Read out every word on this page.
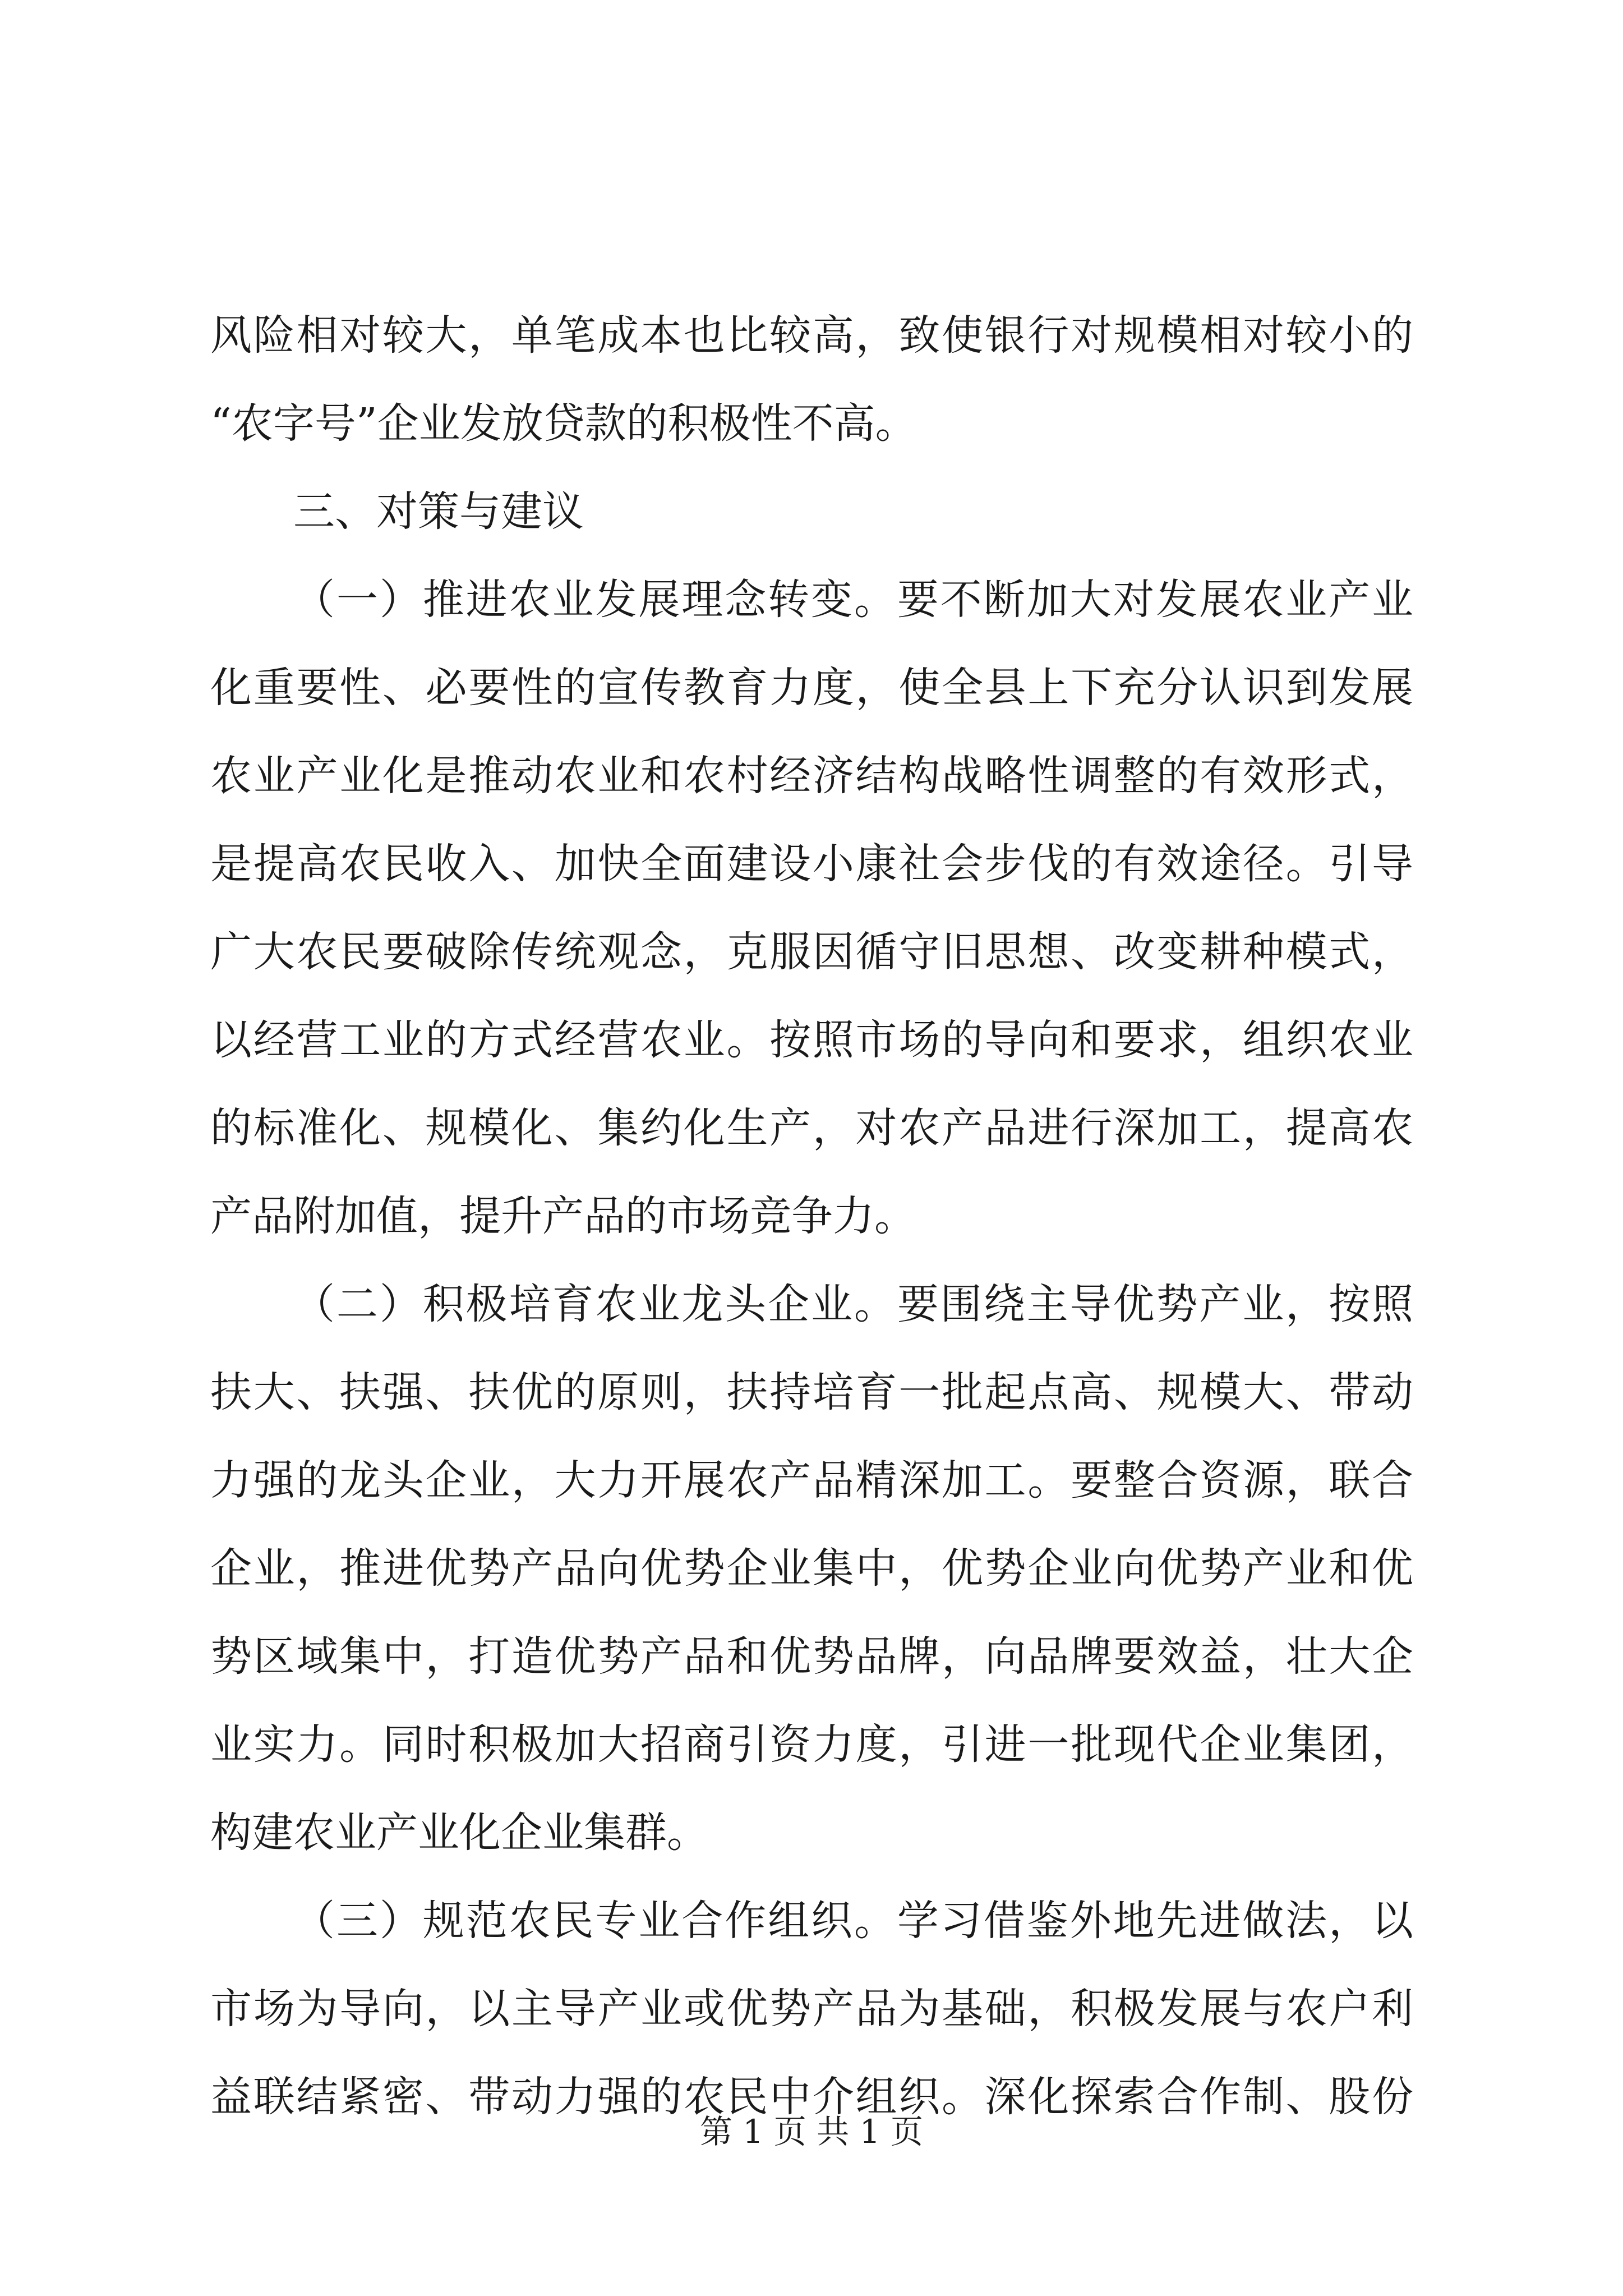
风险相对较大，单笔成本也比较高，致使银行对规模相对较小的
“农字号”企业发放贷款的积极性不高。
三、对策与建议
（一）推进农业发展理念转变。要不断加大对发展农业产业
化重要性、必要性的宣传教育力度，使全县上下充分认识到发展
农业产业化是推动农业和农村经济结构战略性调整的有效形式，
是提高农民收入、加快全面建设小康社会步伐的有效途径。引导
广大农民要破除传统观念，克服因循守旧思想、改变耕种模式，
以经营工业的方式经营农业。按照市场的导向和要求，组织农业
的标准化、规模化、集约化生产，对农产品进行深加工，提高农
产品附加值，提升产品的市场竞争力。
（二）积极培育农业龙头企业。要围绕主导优势产业，按照
扶大、扶强、扶优的原则，扶持培育一批起点高、规模大、带动
力强的龙头企业，大力开展农产品精深加工。要整合资源，联合
企业，推进优势产品向优势企业集中，优势企业向优势产业和优
势区域集中，打造优势产品和优势品牌，向品牌要效益，壮大企
业实力。同时积极加大招商引资力度，引进一批现代企业集团，
构建农业产业化企业集群。
（三）规范农民专业合作组织。学习借鉴外地先进做法，以
市场为导向，以主导产业或优势产品为基础，积极发展与农户利
益联结紧密、带动力强的农民中介组织。深化探索合作制、股份
第 1 页 共 1 页
